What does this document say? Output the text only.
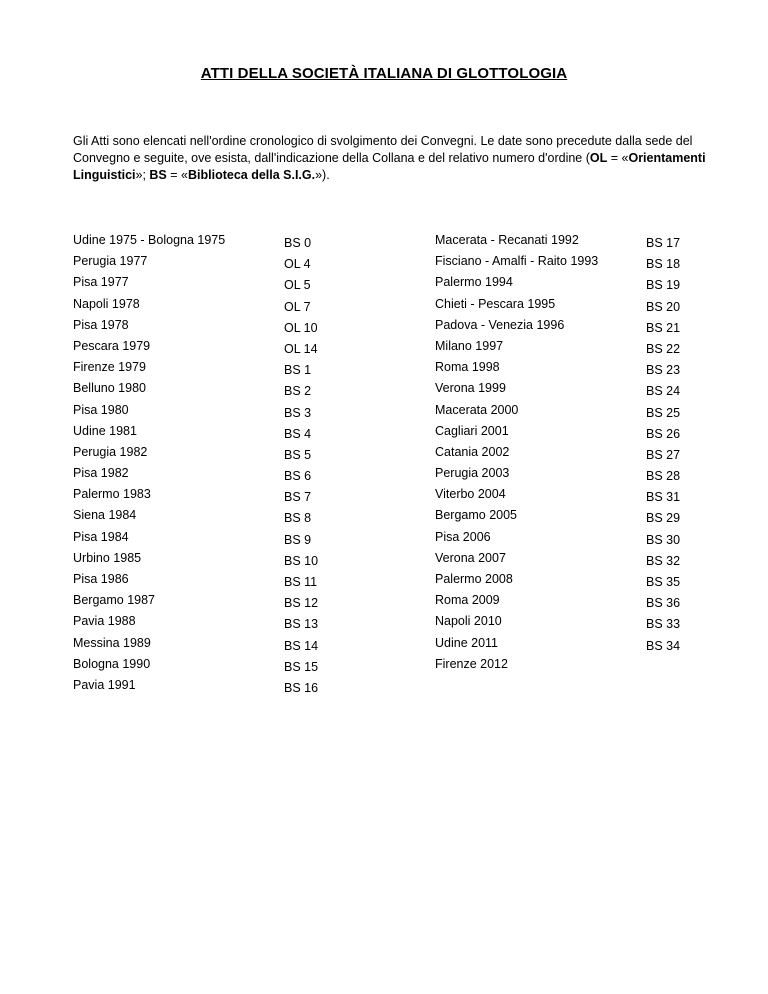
ATTI DELLA SOCIETÀ ITALIANA DI GLOTTOLOGIA
Gli Atti sono elencati nell'ordine cronologico di svolgimento dei Convegni. Le date sono precedute dalla sede del Convegno e seguite, ove esista, dall'indicazione della Collana e del relativo numero d'ordine (OL = «Orientamenti Linguistici»; BS = «Biblioteca della S.I.G.»).
Udine 1975 - Bologna 1975	BS 0
Perugia 1977	OL 4
Pisa 1977	OL 5
Napoli 1978	OL 7
Pisa 1978	OL 10
Pescara 1979	OL 14
Firenze 1979	BS 1
Belluno 1980	BS 2
Pisa 1980	BS 3
Udine 1981	BS 4
Perugia 1982	BS 5
Pisa 1982	BS 6
Palermo 1983	BS 7
Siena 1984	BS 8
Pisa 1984	BS 9
Urbino 1985	BS 10
Pisa 1986	BS 11
Bergamo 1987	BS 12
Pavia 1988	BS 13
Messina 1989	BS 14
Bologna 1990	BS 15
Pavia 1991	BS 16
Macerata - Recanati 1992	BS 17
Fisciano - Amalfi - Raito 1993	BS 18
Palermo 1994	BS 19
Chieti - Pescara 1995	BS 20
Padova - Venezia 1996	BS 21
Milano 1997	BS 22
Roma 1998	BS 23
Verona 1999	BS 24
Macerata 2000	BS 25
Cagliari 2001	BS 26
Catania 2002	BS 27
Perugia 2003	BS 28
Viterbo 2004	BS 31
Bergamo 2005	BS 29
Pisa 2006	BS 30
Verona 2007	BS 32
Palermo 2008	BS 35
Roma 2009	BS 36
Napoli 2010	BS 33
Udine 2011	BS 34
Firenze 2012
